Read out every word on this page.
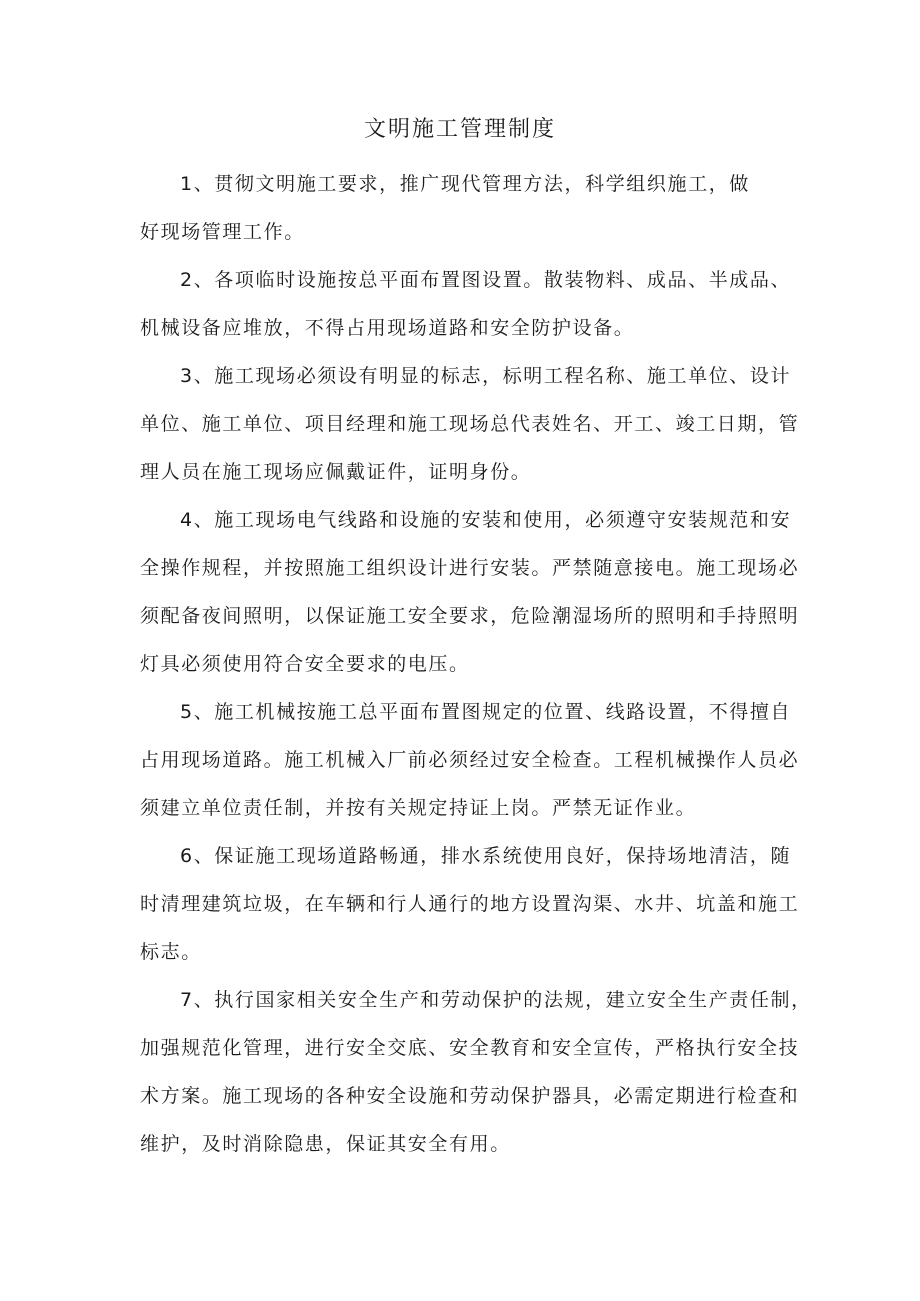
文明施工管理制度

1、贯彻文明施工要求，推广现代管理方法，科学组织施工，做
好现场管理工作。

2、各项临时设施按总平面布置图设置。散装物料、成品、半成品、
机械设备应堆放，不得占用现场道路和安全防护设备。

3、施工现场必须设有明显的标志，标明工程名称、施工单位、设计
单位、施工单位、项目经理和施工现场总代表姓名、开工、竣工日期，管
理人员在施工现场应佩戴证件，证明身份。

4、施工现场电气线路和设施的安装和使用，必须遵守安装规范和安
全操作规程，并按照施工组织设计进行安装。严禁随意接电。施工现场必
须配备夜间照明，以保证施工安全要求，危险潮湿场所的照明和手持照明
灯具必须使用符合安全要求的电压。

5、施工机械按施工总平面布置图规定的位置、线路设置，不得擅自
占用现场道路。施工机械入厂前必须经过安全检查。工程机械操作人员必
须建立单位责任制，并按有关规定持证上岗。严禁无证作业。

6、保证施工现场道路畅通，排水系统使用良好，保持场地清洁，随
时清理建筑垃圾，在车辆和行人通行的地方设置沟渠、水井、坑盖和施工
标志。

7、执行国家相关安全生产和劳动保护的法规，建立安全生产责任制，
加强规范化管理，进行安全交底、安全教育和安全宣传，严格执行安全技
术方案。施工现场的各种安全设施和劳动保护器具，必需定期进行检查和
维护，及时消除隐患，保证其安全有用。
